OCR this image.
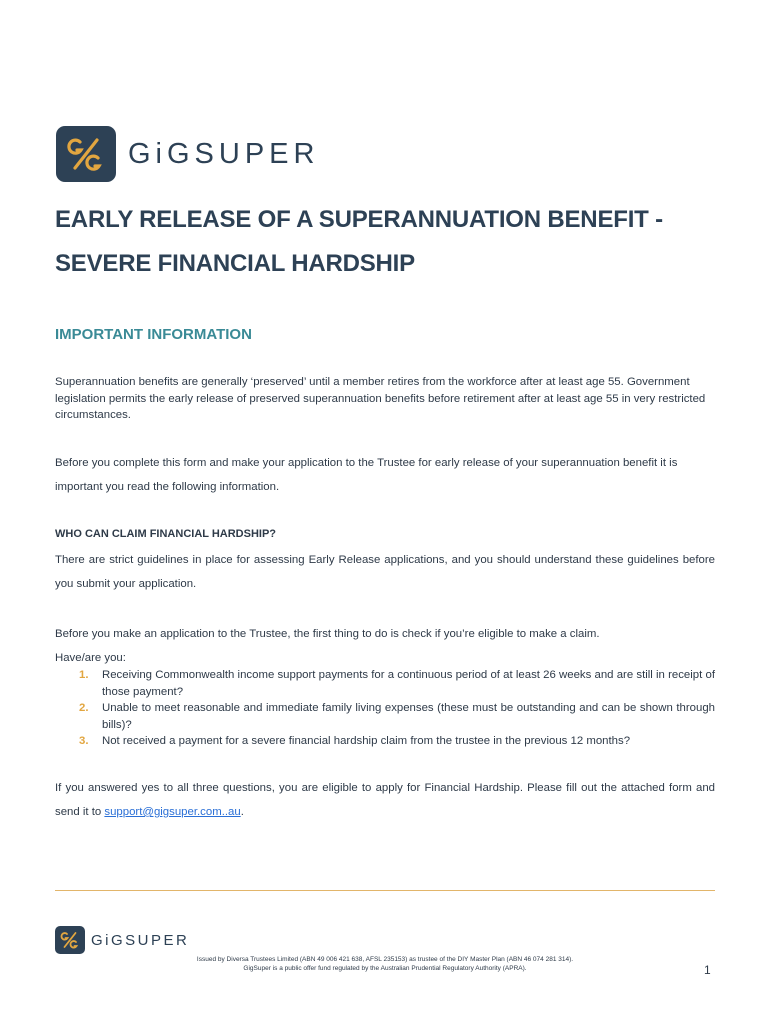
GiGSUPER
EARLY RELEASE OF A SUPERANNUATION BENEFIT -
SEVERE FINANCIAL HARDSHIP
IMPORTANT INFORMATION

Superannuation benefits are generally ‘preserved’ until a member retires from the workforce after at least age 55. Government legislation permits the early release of preserved superannuation benefits before retirement after at least age 55 in very restricted circumstances.

Before you complete this form and make your application to the Trustee for early release of your superannuation benefit it is important you read the following information.

WHO CAN CLAIM FINANCIAL HARDSHIP?

There are strict guidelines in place for assessing Early Release applications, and you should understand these guidelines before you submit your application.

Before you make an application to the Trustee, the first thing to do is check if you’re eligible to make a claim.

Have/are you:

1. Receiving Commonwealth income support payments for a continuous period of at least 26 weeks and are still in receipt of those payment?
2. Unable to meet reasonable and immediate family living expenses (these must be outstanding and can be shown through bills)?
3. Not received a payment for a severe financial hardship claim from the trustee in the previous 12 months?

If you answered yes to all three questions, you are eligible to apply for Financial Hardship. Please fill out the attached form and send it to support@gigsuper.com..au.

GiGSUPER

Issued by Diversa Trustees Limited (ABN 49 006 421 638, AFSL 235153) as trustee of the DIY Master Plan (ABN 46 074 281 314).
GigSuper is a public offer fund regulated by the Australian Prudential Regulatory Authority (APRA).	1
